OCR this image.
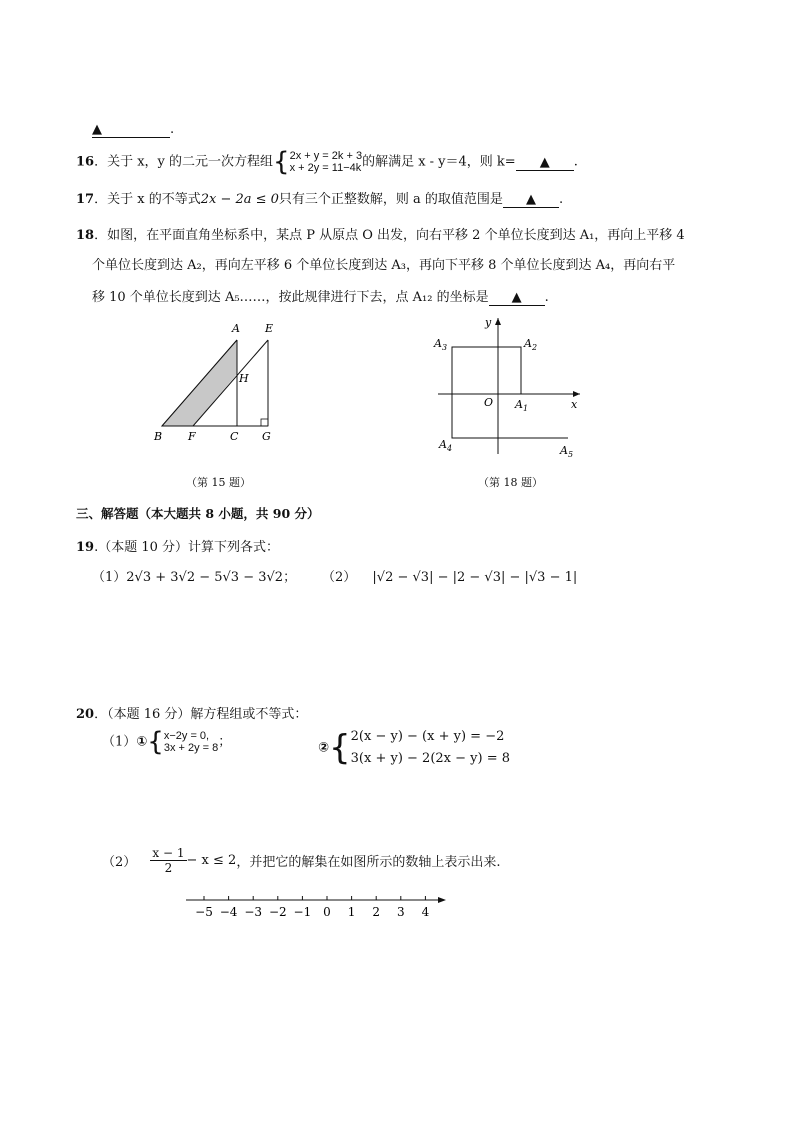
▲	.
16．关于 x，y 的二元一次方程组{ 2x + y = 2k + 3
x + 2y = 11−4k 的解满足 x - y＝4，则 k= ▲ .
17．关于 x 的不等式2x − 2a ≤ 0只有三个正整数解，则 a 的取值范围是 ▲ .
18．如图，在平面直角坐标系中，某点 P 从原点 O 出发，向右平移 2 个单位长度到达 A₁，再向上平移 4
个单位长度到达 A₂，再向左平移 6 个单位长度到达 A₃，再向下平移 8 个单位长度到达 A₄，再向右平
移 10 个单位长度到达 A₅……，按此规律进行下去，点 A₁₂ 的坐标是 ▲ .
A E
H
B F	C G
（第 15 题）
y
x
O $A_1$
$A_2$
$A_3$
$A_4$	$A_5$
（第 18 题）
三、解答题（本大题共 8 小题，共 90 分）
19.（本题 10 分）计算下列各式：
（1）2√3 + 3√2 − 5√3 − 3√2； （2） |√2 − √3| − |2 − √3| − |√3 − 1|
20．（本题 16 分）解方程组或不等式：
（1）①{ x−2y = 0,
3x + 2y = 8 ；	②{ 2(x − y) − (x + y) = −2
3(x + y) − 2(2x − y) = 8
$(2) \frac{x - 1}{2} - x \le 2$，并把它的解集在如图所示的数轴上表示出来.
−5 −4 −3 −2 −1 0 1 2 3 4
